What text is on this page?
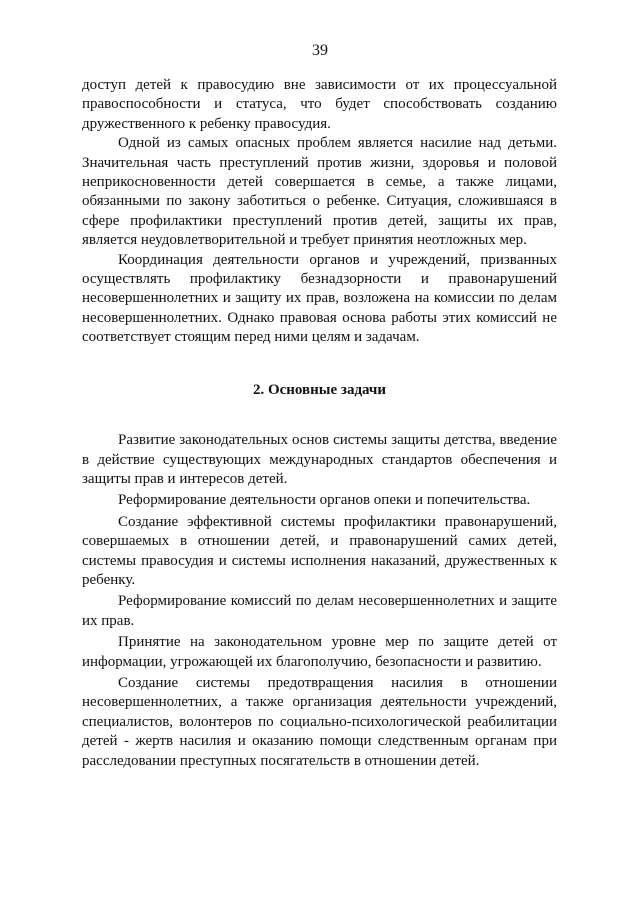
39

доступ детей к правосудию вне зависимости от их процессуальной правоспособности и статуса, что будет способствовать созданию дружественного к ребенку правосудия.

Одной из самых опасных проблем является насилие над детьми. Значительная часть преступлений против жизни, здоровья и половой неприкосновенности детей совершается в семье, а также лицами, обязанными по закону заботиться о ребенке. Ситуация, сложившаяся в сфере профилактики преступлений против детей, защиты их прав, является неудовлетворительной и требует принятия неотложных мер.

Координация деятельности органов и учреждений, призванных осуществлять профилактику безнадзорности и правонарушений несовершеннолетних и защиту их прав, возложена на комиссии по делам несовершеннолетних. Однако правовая основа работы этих комиссий не соответствует стоящим перед ними целям и задачам.

2. Основные задачи

Развитие законодательных основ системы защиты детства, введение в действие существующих международных стандартов обеспечения и защиты прав и интересов детей.

Реформирование деятельности органов опеки и попечительства.

Создание эффективной системы профилактики правонарушений, совершаемых в отношении детей, и правонарушений самих детей, системы правосудия и системы исполнения наказаний, дружественных к ребенку.

Реформирование комиссий по делам несовершеннолетних и защите их прав.

Принятие на законодательном уровне мер по защите детей от информации, угрожающей их благополучию, безопасности и развитию.

Создание системы предотвращения насилия в отношении несовершеннолетних, а также организация деятельности учреждений, специалистов, волонтеров по социально-психологической реабилитации детей - жертв насилия и оказанию помощи следственным органам при расследовании преступных посягательств в отношении детей.
